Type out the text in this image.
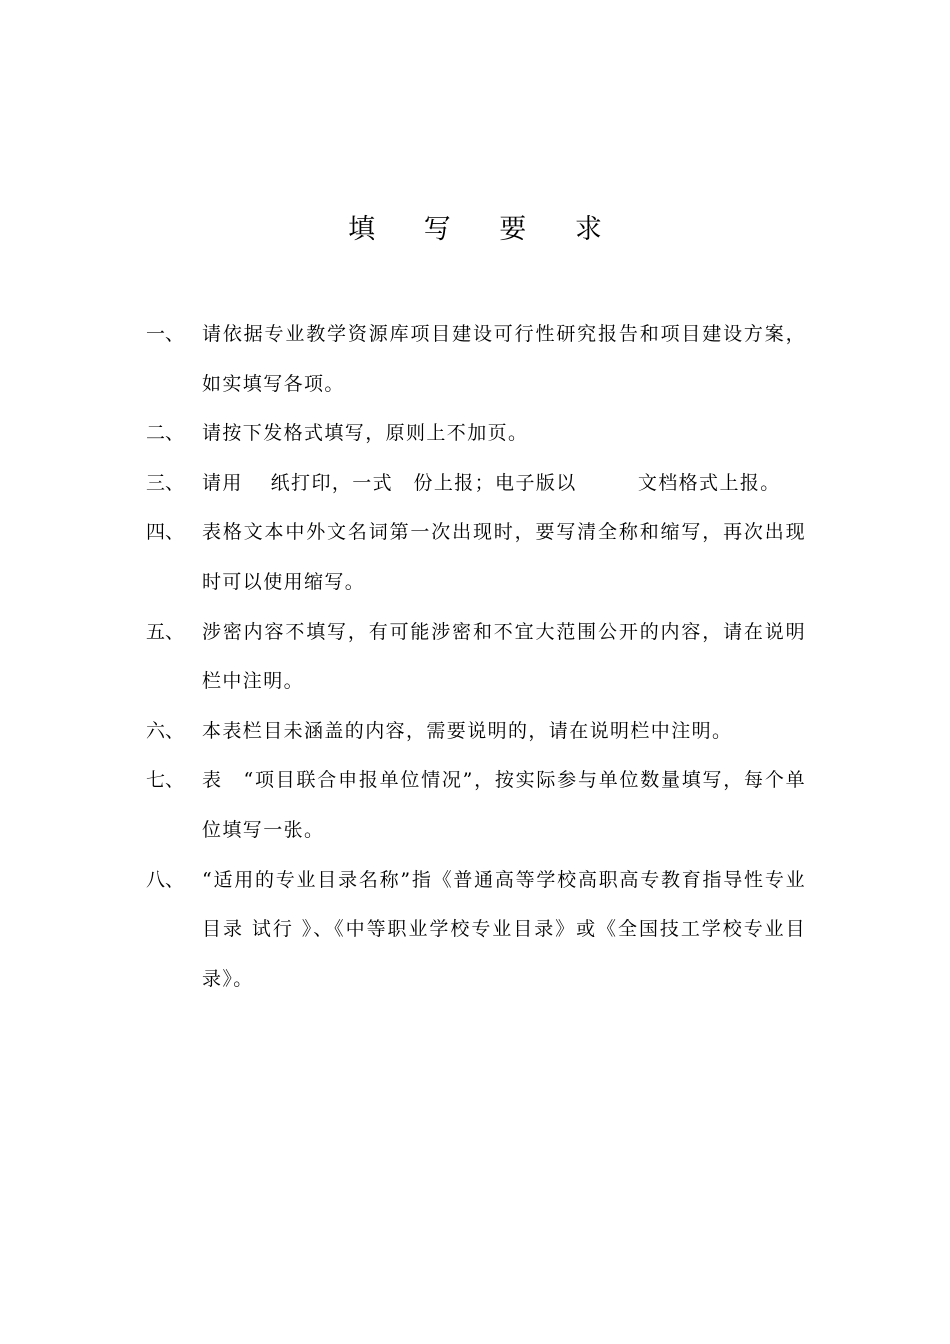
填 写 要 求
一、 请依据专业教学资源库项目建设可行性研究报告和项目建设方案，如实填写各项。
二、 请按下发格式填写，原则上不加页。
三、 请用　 纸打印，一式　份上报；电子版以　　　文档格式上报。
四、 表格文本中外文名词第一次出现时，要写清全称和缩写，再次出现时可以使用缩写。
五、 涉密内容不填写，有可能涉密和不宜大范围公开的内容，请在说明栏中注明。
六、 本表栏目未涵盖的内容，需要说明的，请在说明栏中注明。
七、 表　“项目联合申报单位情况”，按实际参与单位数量填写，每个单位填写一张。
八、 “适用的专业目录名称”指《普通高等学校高职高专教育指导性专业目录 试行 》、《中等职业学校专业目录》或《全国技工学校专业目录》。
